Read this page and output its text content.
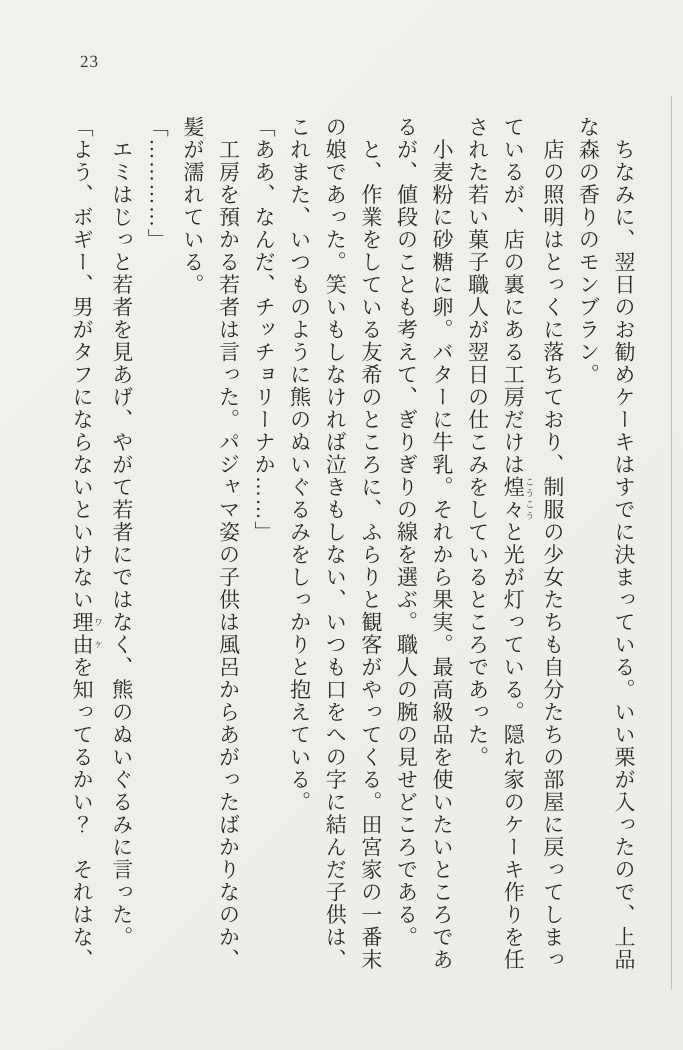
23

　ちなみに、翌日のお勧めケーキはすでに決まっている。いい栗が入ったので、上品

な森の香りのモンブラン。

　店の照明はとっくに落ちており、制服の少女たちも自分たちの部屋に戻ってしまっ

ているが、店の裏にある工房だけは煌々 こうこうと光が灯っている。隠れ家のケーキ作りを任

された若い菓子職人が翌日の仕こみをしているところであった。

　小麦粉に砂糖に卵。バターに牛乳。それから果実。最高級品を使いたいところであ

るが、値段のことも考えて、ぎりぎりの線を選ぶ。職人の腕の見せどころである。

　と、作業をしている友希のところに、ふらりと観客がやってくる。田宮家の一番末

の娘であった。笑いもしなければ泣きもしない、いつも口をへの字に結んだ子供は、

これまた、いつものように熊のぬいぐるみをしっかりと抱えている。

「ああ、なんだ、チッチョリーナか……」

　工房を預かる若者は言った。パジャマ姿の子供は風呂からあがったばかりなのか、

髪が濡れている。

「…………」

　エミはじっと若者を見あげ、やがて若者にではなく、熊のぬいぐるみに言った。

「よう、ボギー、男がタフにならないといけない理由 ワケを知ってるかい？　それはな、
